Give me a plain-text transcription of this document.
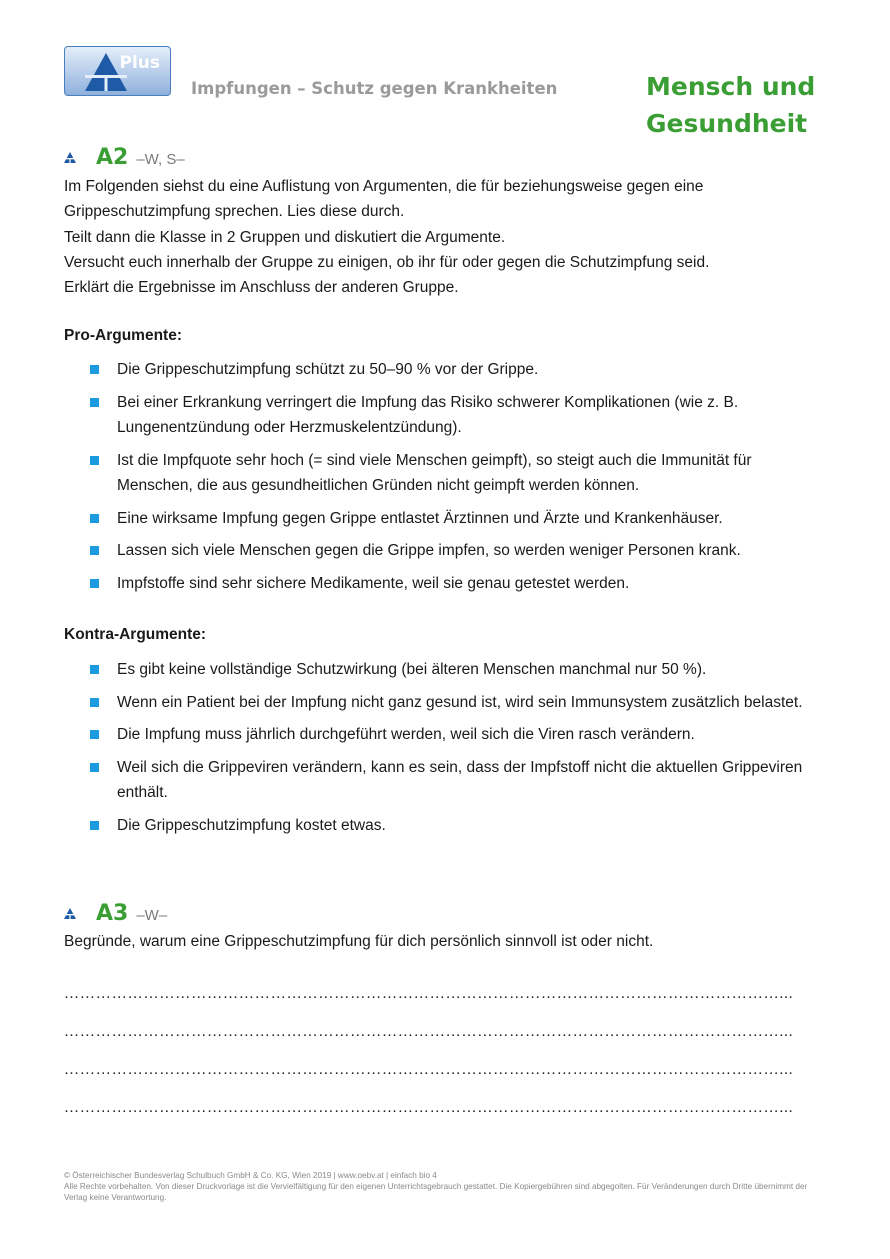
Plus
Impfungen – Schutz gegen Krankheiten	Mensch und
Gesundheit
A2 –W, S–
Im Folgenden siehst du eine Auflistung von Argumenten, die für beziehungsweise gegen eine
Grippeschutzimpfung sprechen. Lies diese durch.
Teilt dann die Klasse in 2 Gruppen und diskutiert die Argumente.
Versucht euch innerhalb der Gruppe zu einigen, ob ihr für oder gegen die Schutzimpfung seid.
Erklärt die Ergebnisse im Anschluss der anderen Gruppe.
Pro-Argumente:
Die Grippeschutzimpfung schützt zu 50–90 % vor der Grippe.
Bei einer Erkrankung verringert die Impfung das Risiko schwerer Komplikationen (wie z. B. Lungenentzündung oder Herzmuskelentzündung).
Ist die Impfquote sehr hoch (= sind viele Menschen geimpft), so steigt auch die Immunität für Menschen, die aus gesundheitlichen Gründen nicht geimpft werden können.
Eine wirksame Impfung gegen Grippe entlastet Ärztinnen und Ärzte und Krankenhäuser.
Lassen sich viele Menschen gegen die Grippe impfen, so werden weniger Personen krank.
Impfstoffe sind sehr sichere Medikamente, weil sie genau getestet werden.
Kontra-Argumente:
Es gibt keine vollständige Schutzwirkung (bei älteren Menschen manchmal nur 50 %).
Wenn ein Patient bei der Impfung nicht ganz gesund ist, wird sein Immunsystem zusätzlich belastet.
Die Impfung muss jährlich durchgeführt werden, weil sich die Viren rasch verändern.
Weil sich die Grippeviren verändern, kann es sein, dass der Impfstoff nicht die aktuellen Grippeviren enthält.
Die Grippeschutzimpfung kostet etwas.
A3 –W–
Begründe, warum eine Grippeschutzimpfung für dich persönlich sinnvoll ist oder nicht.
………………………………………………………………………………………………………………………...
………………………………………………………………………………………………………………………...
………………………………………………………………………………………………………………………...
………………………………………………………………………………………………………………………...
© Österreichischer Bundesverlag Schulbuch GmbH & Co. KG, Wien 2019 | www.oebv.at | einfach bio 4
Alle Rechte vorbehalten. Von dieser Druckvorlage ist die Vervielfältigung für den eigenen Unterrichtsgebrauch gestattet. Die Kopiergebühren sind abgegolten. Für Veränderungen durch Dritte übernimmt der Verlag keine Verantwortung.
